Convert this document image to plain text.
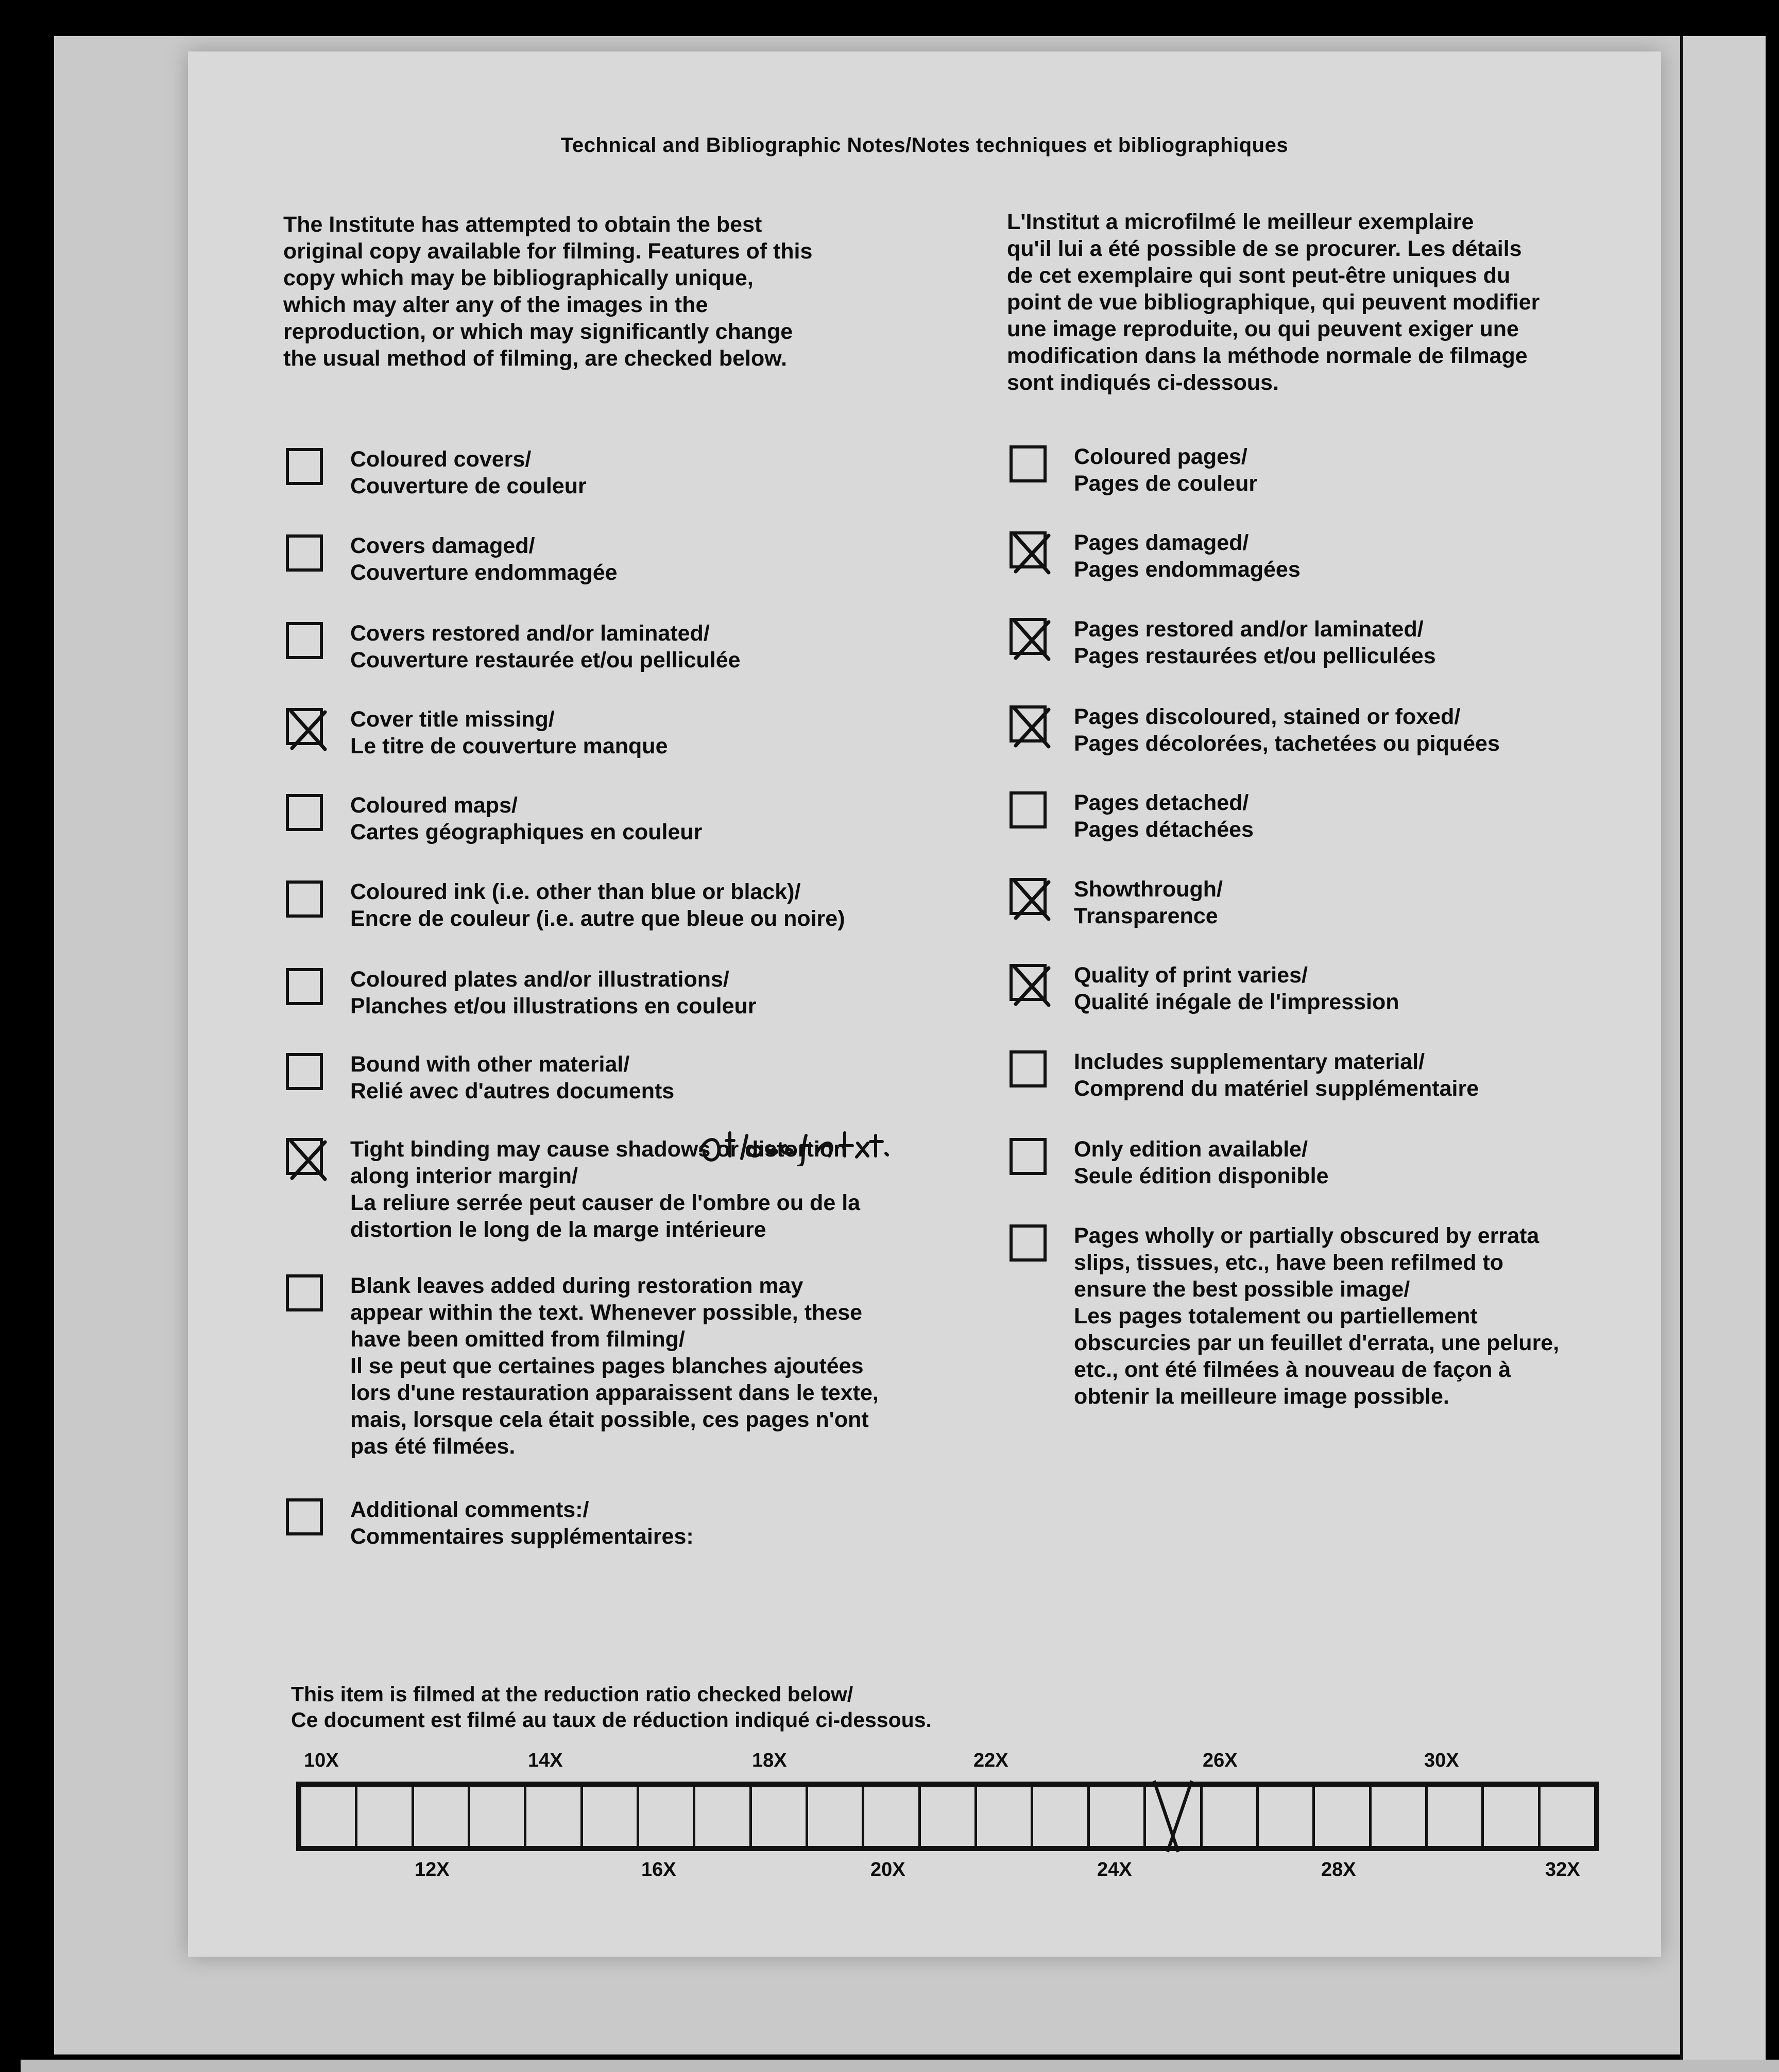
Technical and Bibliographic Notes/Notes techniques et bibliographiques

The Institute has attempted to obtain the best
original copy available for filming. Features of this
copy which may be bibliographically unique,
which may alter any of the images in the
reproduction, or which may significantly change
the usual method of filming, are checked below.

L'Institut a microfilmé le meilleur exemplaire
qu'il lui a été possible de se procurer. Les détails
de cet exemplaire qui sont peut-être uniques du
point de vue bibliographique, qui peuvent modifier
une image reproduite, ou qui peuvent exiger une
modification dans la méthode normale de filmage
sont indiqués ci-dessous.

Coloured covers/
Couverture de couleur
Covers damaged/
Couverture endommagée
Covers restored and/or laminated/
Couverture restaurée et/ou pelliculée
Cover title missing/
Le titre de couverture manque
Coloured maps/
Cartes géographiques en couleur
Coloured ink (i.e. other than blue or black)/
Encre de couleur (i.e. autre que bleue ou noire)
Coloured plates and/or illustrations/
Planches et/ou illustrations en couleur
Bound with other material/
Relié avec d'autres documents
Tight binding may cause shadows or distortion
along interior margin/
La reliure serrée peut causer de l'ombre ou de la
distortion le long de la marge intérieure
Blank leaves added during restoration may
appear within the text. Whenever possible, these
have been omitted from filming/
Il se peut que certaines pages blanches ajoutées
lors d'une restauration apparaissent dans le texte,
mais, lorsque cela était possible, ces pages n'ont
pas été filmées.
Additional comments:/
Commentaires supplémentaires:
Coloured pages/
Pages de couleur
Pages damaged/
Pages endommagées
Pages restored and/or laminated/
Pages restaurées et/ou pelliculées
Pages discoloured, stained or foxed/
Pages décolorées, tachetées ou piquées
Pages detached/
Pages détachées
Showthrough/
Transparence
Quality of print varies/
Qualité inégale de l'impression
Includes supplementary material/
Comprend du matériel supplémentaire
Only edition available/
Seule édition disponible
Pages wholly or partially obscured by errata
slips, tissues, etc., have been refilmed to
ensure the best possible image/
Les pages totalement ou partiellement
obscurcies par un feuillet d'errata, une pelure,
etc., ont été filmées à nouveau de façon à
obtenir la meilleure image possible.
This item is filmed at the reduction ratio checked below/
Ce document est filmé au taux de réduction indiqué ci-dessous.
10X	14X	18X	22X	26X	30X
12X	16X	20X	24X	28X	32X
